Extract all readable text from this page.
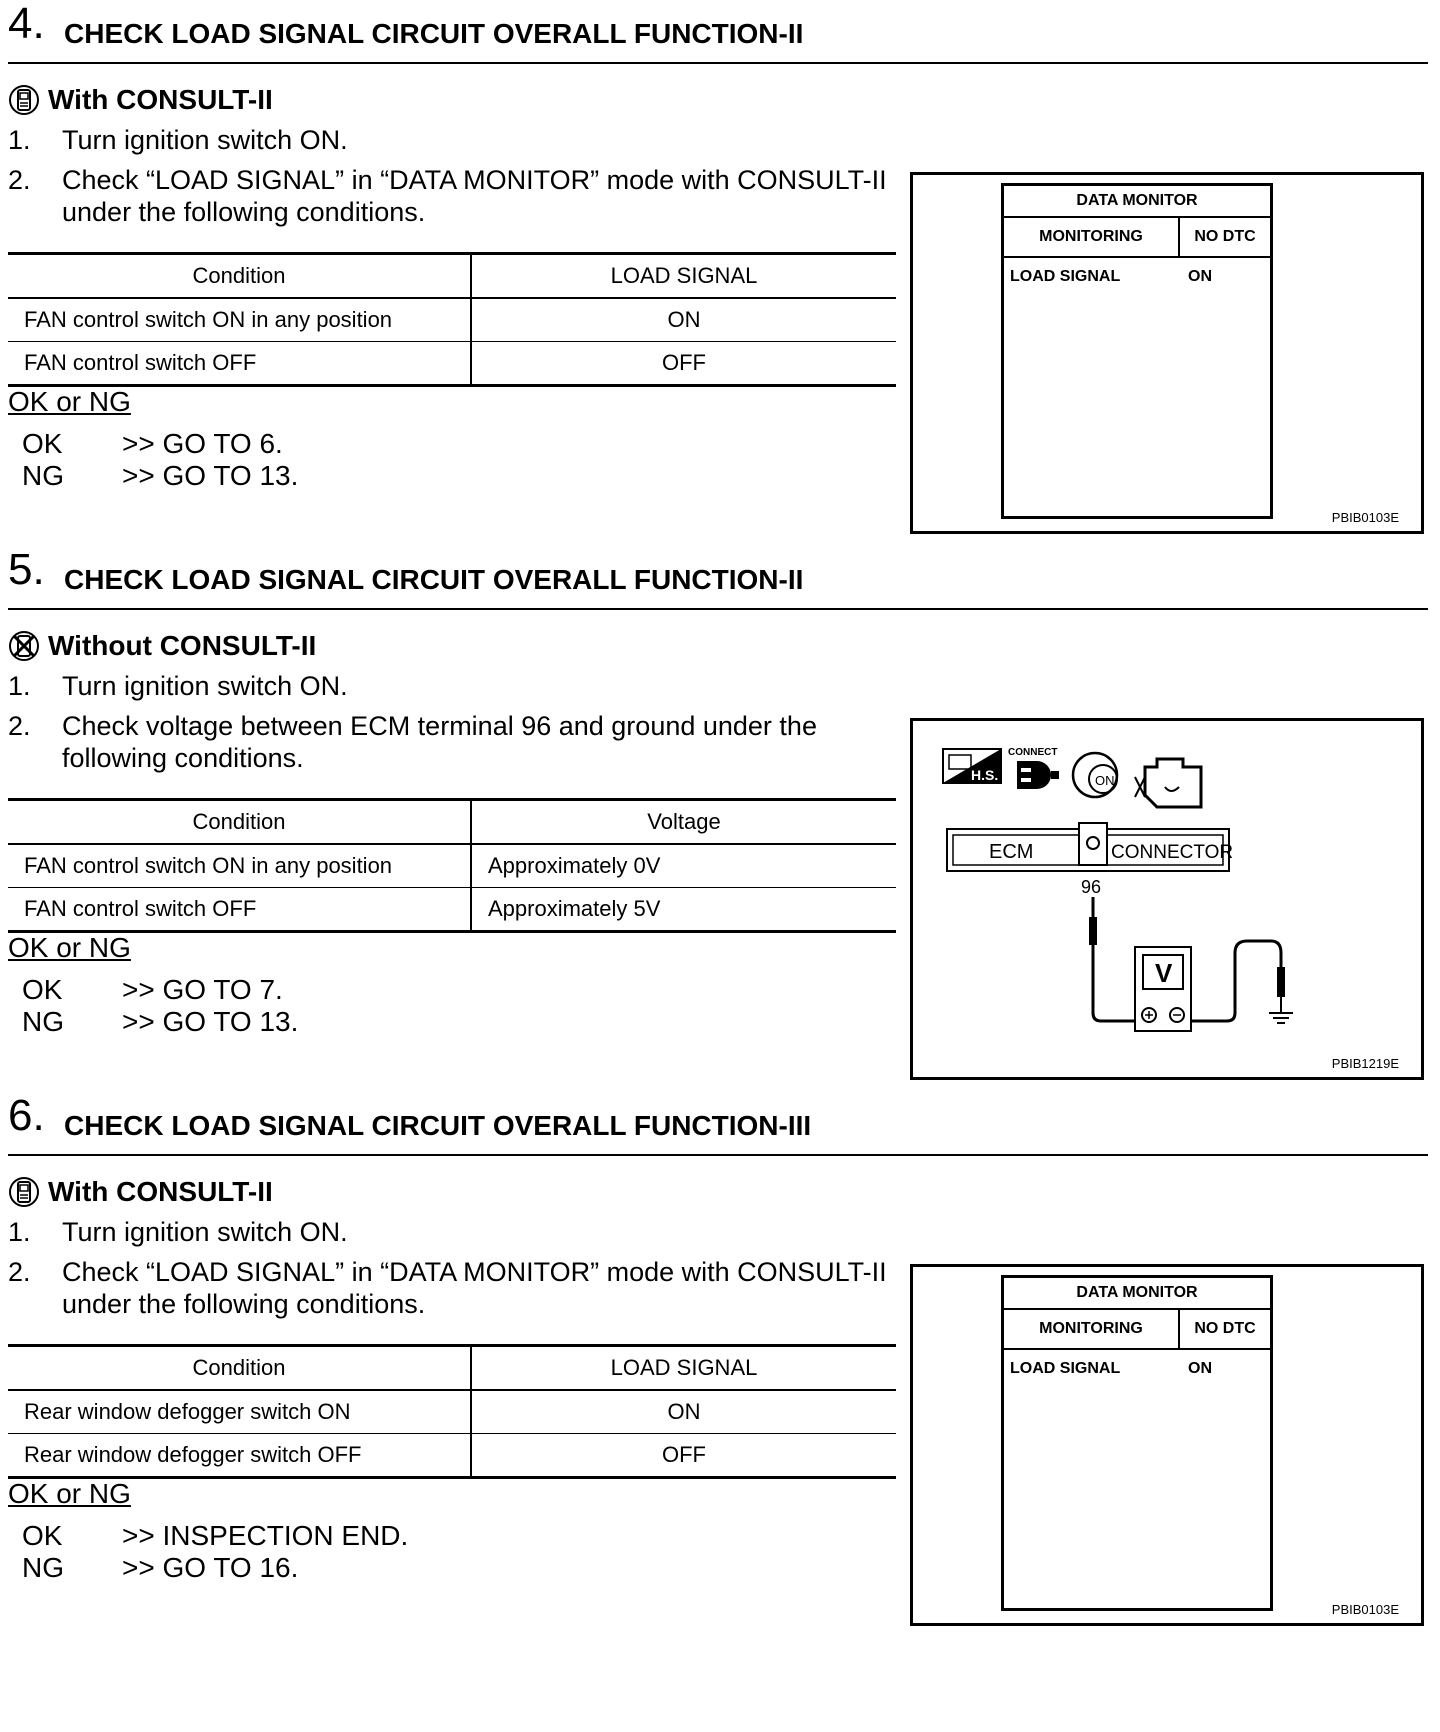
4. CHECK LOAD SIGNAL CIRCUIT OVERALL FUNCTION-II
With CONSULT-II
1. Turn ignition switch ON.
2. Check “LOAD SIGNAL” in “DATA MONITOR” mode with CONSULT-II under the following conditions.
Condition	LOAD SIGNAL
FAN control switch ON in any position	ON
FAN control switch OFF	OFF
OK or NG
OK >> GO TO 6.
NG >> GO TO 13.
DATA MONITOR
MONITORING	NO DTC
LOAD SIGNAL	ON
PBIB0103E
5. CHECK LOAD SIGNAL CIRCUIT OVERALL FUNCTION-II
Without CONSULT-II
1. Turn ignition switch ON.
2. Check voltage between ECM terminal 96 and ground under the following conditions.
Condition	Voltage
FAN control switch ON in any position	Approximately 0V
FAN control switch OFF	Approximately 5V
OK or NG
OK >> GO TO 7.
NG >> GO TO 13.
H.S.
CONNECT
ON
ECM	CONNECTOR
96
V
PBIB1219E
6. CHECK LOAD SIGNAL CIRCUIT OVERALL FUNCTION-III
With CONSULT-II
1. Turn ignition switch ON.
2. Check “LOAD SIGNAL” in “DATA MONITOR” mode with CONSULT-II under the following conditions.
Condition	LOAD SIGNAL
Rear window defogger switch ON	ON
Rear window defogger switch OFF	OFF
OK or NG
OK >> INSPECTION END.
NG >> GO TO 16.
DATA MONITOR
MONITORING	NO DTC
LOAD SIGNAL	ON
PBIB0103E
